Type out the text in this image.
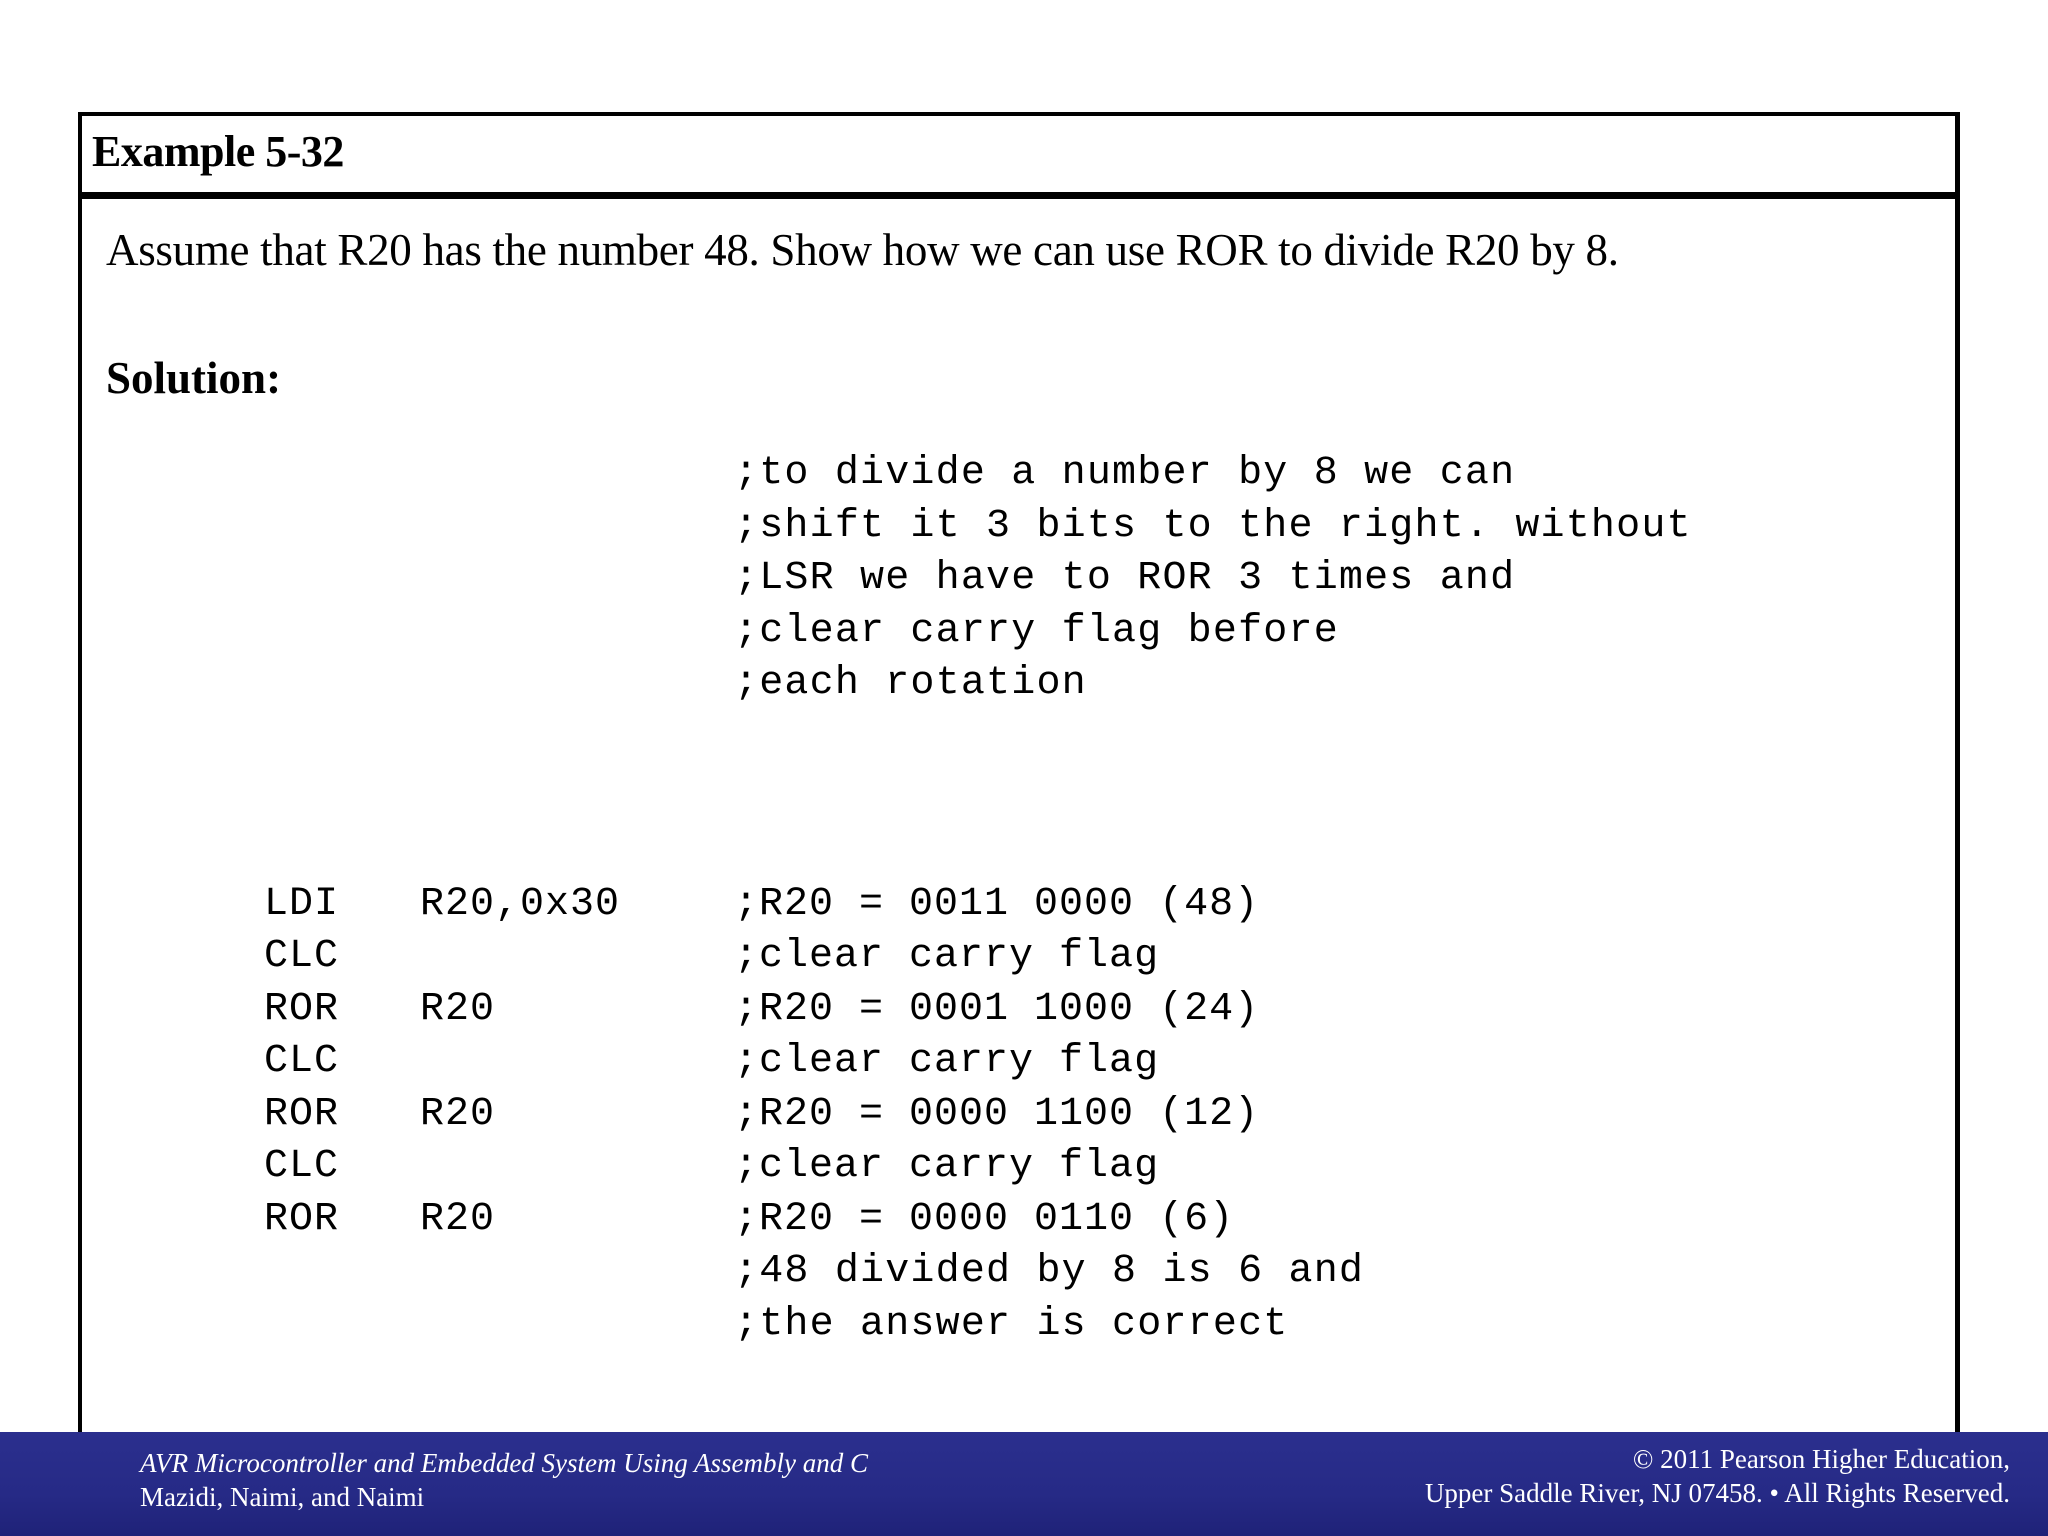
Example 5-32
Assume that R20 has the number 48. Show how we can use ROR to divide R20 by 8.
Solution:
;to divide a number by 8 we can
;shift it 3 bits to the right. without
;LSR we have to ROR 3 times and
;clear carry flag before
;each rotation
LDI	R20,0x30	;R20 = 0011 0000 (48)
CLC		;clear carry flag
ROR	R20	;R20 = 0001 1000 (24)
CLC		;clear carry flag
ROR	R20	;R20 = 0000 1100 (12)
CLC		;clear carry flag
ROR	R20	;R20 = 0000 0110 (6)
;48 divided by 8 is 6 and
;the answer is correct
AVR Microcontroller and Embedded System Using Assembly and C
Mazidi, Naimi, and Naimi
© 2011 Pearson Higher Education,
Upper Saddle River, NJ 07458. • All Rights Reserved.
